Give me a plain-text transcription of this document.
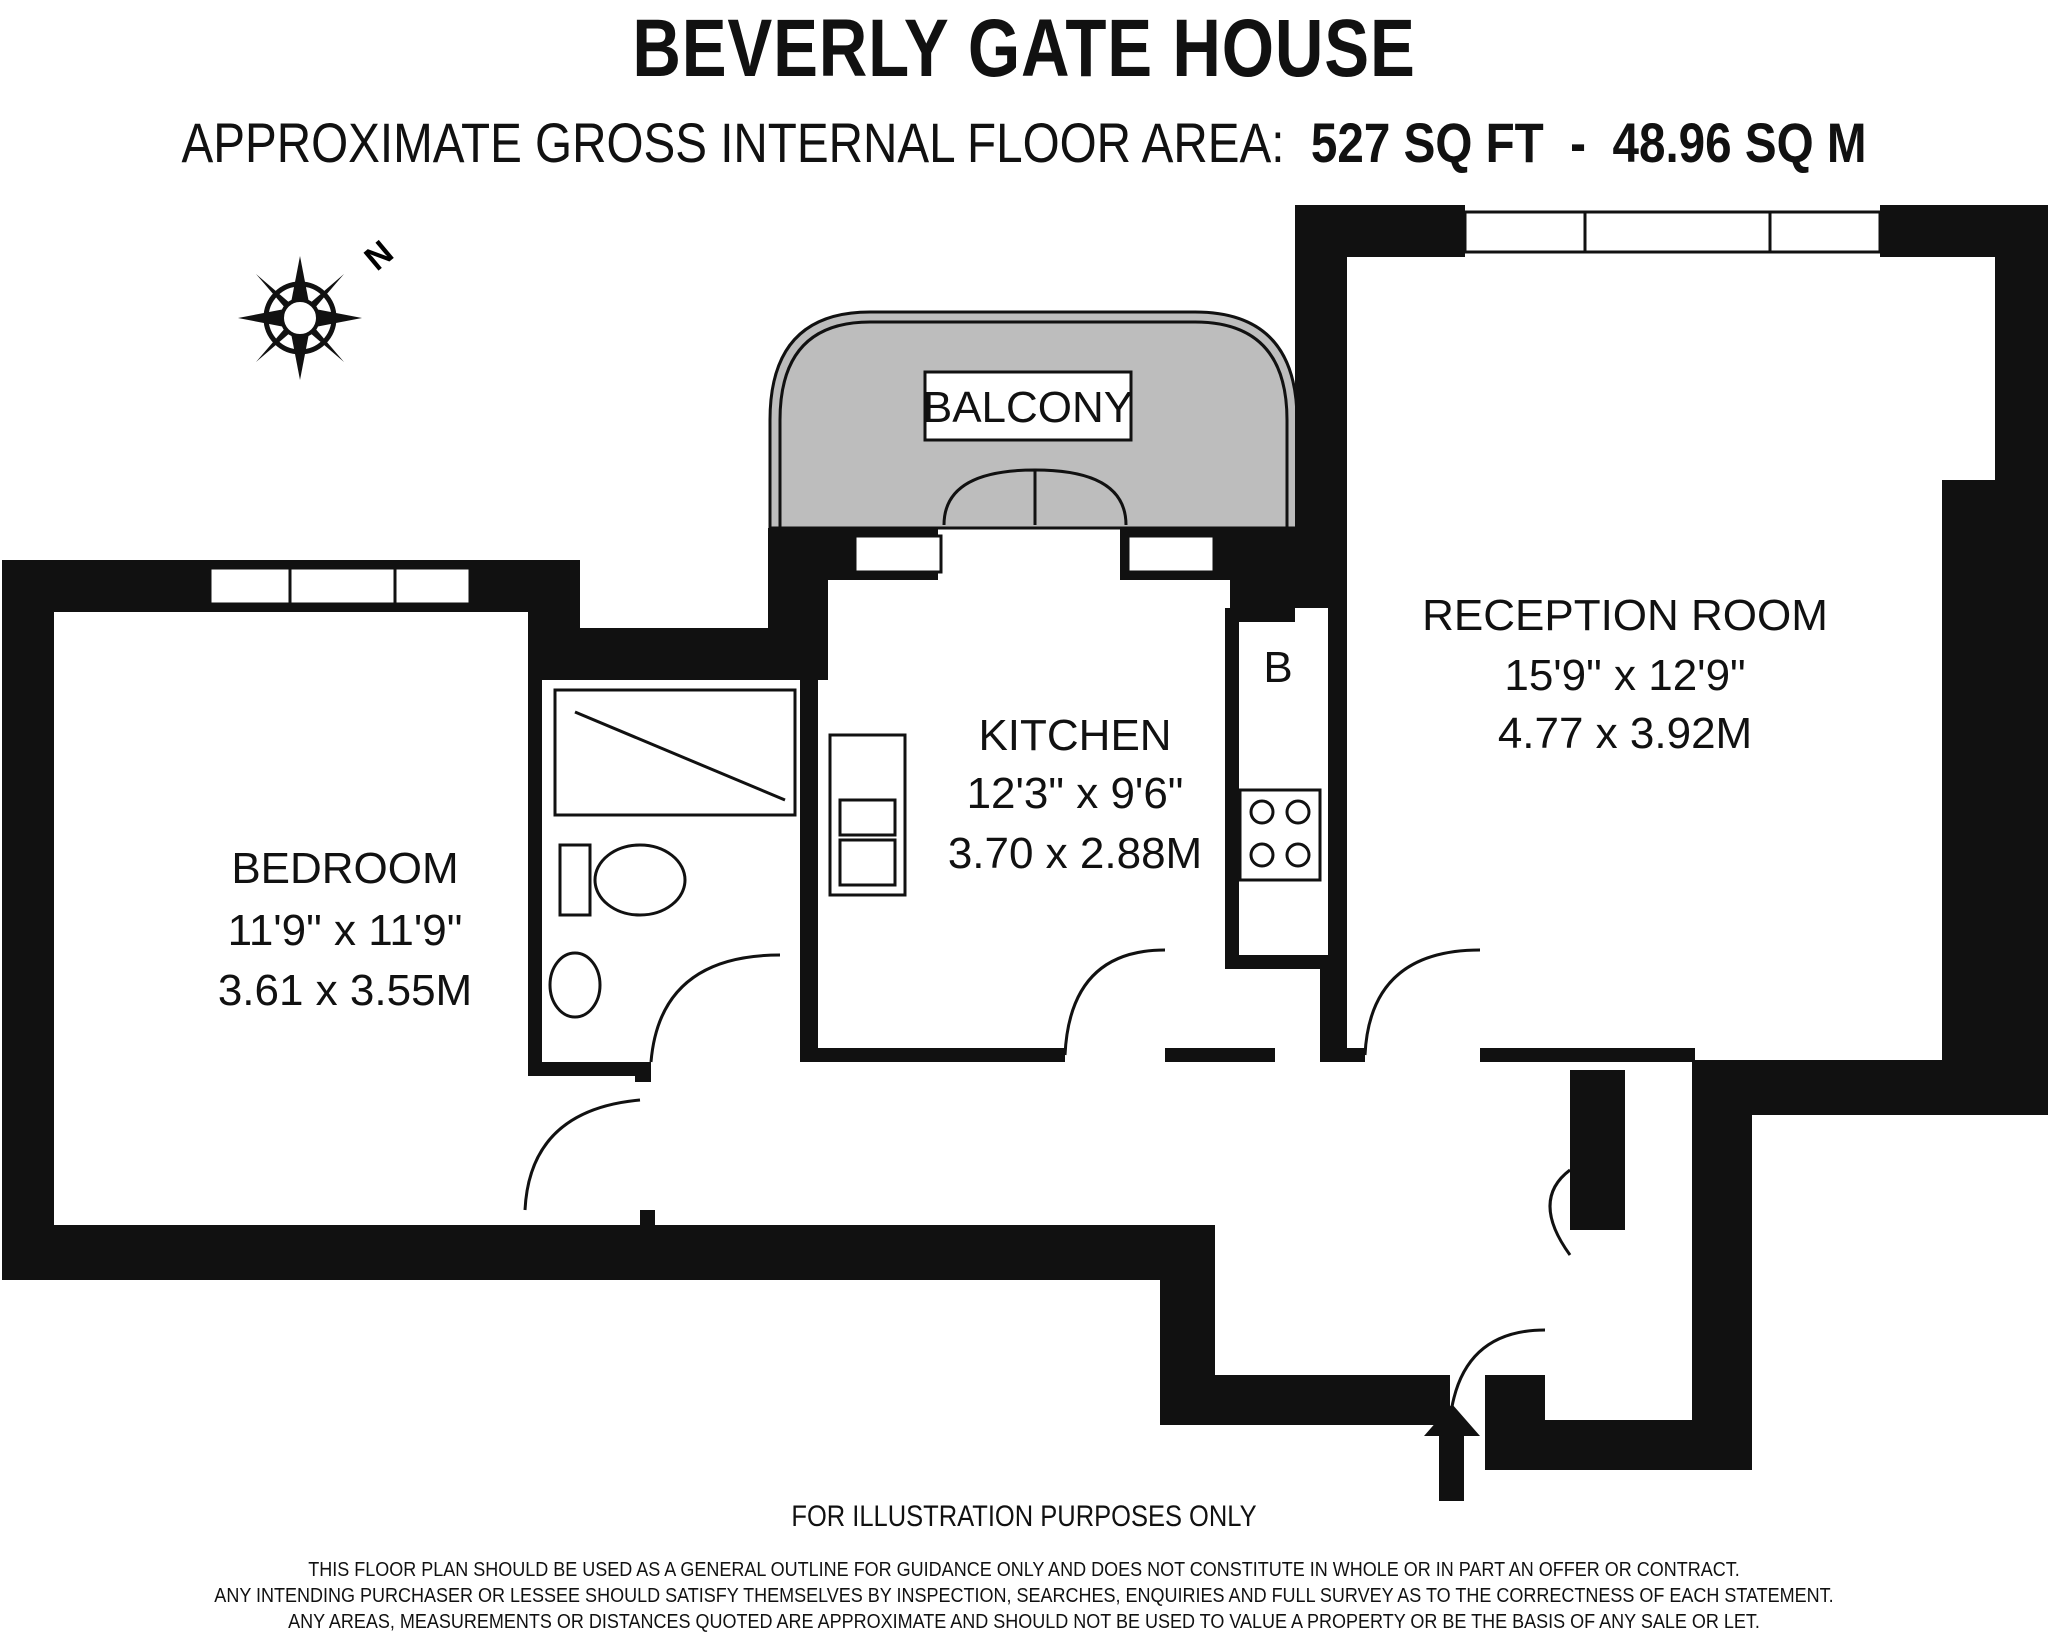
BEVERLY GATE HOUSE
APPROXIMATE GROSS INTERNAL FLOOR AREA: 527 SQ FT - 48.96 SQ M
N
BALCONY
BEDROOM
11'9" x 11'9"
3.61 x 3.55M
KITCHEN
12'3" x 9'6"
3.70 x 2.88M
RECEPTION ROOM
15'9" x 12'9"
4.77 x 3.92M
B
FOR ILLUSTRATION PURPOSES ONLY
THIS FLOOR PLAN SHOULD BE USED AS A GENERAL OUTLINE FOR GUIDANCE ONLY AND DOES NOT CONSTITUTE IN WHOLE OR IN PART AN OFFER OR CONTRACT.
ANY INTENDING PURCHASER OR LESSEE SHOULD SATISFY THEMSELVES BY INSPECTION, SEARCHES, ENQUIRIES AND FULL SURVEY AS TO THE CORRECTNESS OF EACH STATEMENT.
ANY AREAS, MEASUREMENTS OR DISTANCES QUOTED ARE APPROXIMATE AND SHOULD NOT BE USED TO VALUE A PROPERTY OR BE THE BASIS OF ANY SALE OR LET.
